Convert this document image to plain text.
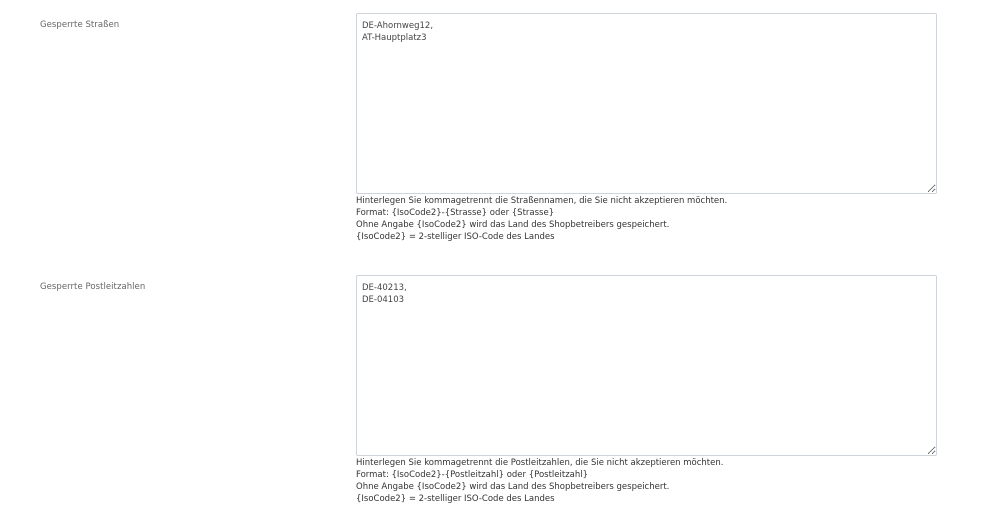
Gesperrte Straßen
DE-Ahornweg12, AT-Hauptplatz3
Hinterlegen Sie kommagetrennt die Straßennamen, die Sie nicht akzeptieren möchten.
Format: {IsoCode2}-{Strasse} oder {Strasse}
Ohne Angabe {IsoCode2} wird das Land des Shopbetreibers gespeichert.
{IsoCode2} = 2-stelliger ISO-Code des Landes
Gesperrte Postleitzahlen
DE-40213, DE-04103
Hinterlegen Sie kommagetrennt die Postleitzahlen, die Sie nicht akzeptieren möchten.
Format: {IsoCode2}-{Postleitzahl} oder {Postleitzahl}
Ohne Angabe {IsoCode2} wird das Land des Shopbetreibers gespeichert.
{IsoCode2} = 2-stelliger ISO-Code des Landes
